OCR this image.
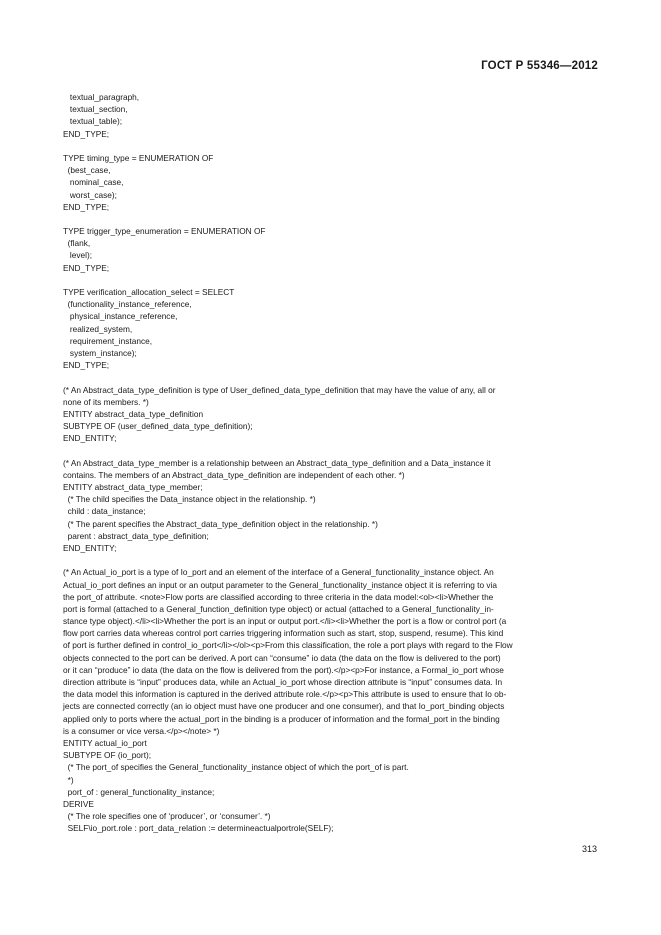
ГОСТ Р 55346—2012
textual_paragraph,
textual_section,
textual_table);
END_TYPE;
TYPE timing_type = ENUMERATION OF
(best_case,
nominal_case,
worst_case);
END_TYPE;
TYPE trigger_type_enumeration = ENUMERATION OF
(flank,
level);
END_TYPE;
TYPE verification_allocation_select = SELECT
(functionality_instance_reference,
physical_instance_reference,
realized_system,
requirement_instance,
system_instance);
END_TYPE;
(* An Abstract_data_type_definition is type of User_defined_data_type_definition that may have the value of any, all or
none of its members. *)
ENTITY abstract_data_type_definition
SUBTYPE OF (user_defined_data_type_definition);
END_ENTITY;
(* An Abstract_data_type_member is a relationship between an Abstract_data_type_definition and a Data_instance it
contains. The members of an Abstract_data_type_definition are independent of each other. *)
ENTITY abstract_data_type_member;
(* The child specifies the Data_instance object in the relationship. *)
child : data_instance;
(* The parent specifies the Abstract_data_type_definition object in the relationship. *)
parent : abstract_data_type_definition;
END_ENTITY;
(* An Actual_io_port is a type of Io_port and an element of the interface of a General_functionality_instance object. An
Actual_io_port defines an input or an output parameter to the General_functionality_instance object it is referring to via
the port_of attribute. <note>Flow ports are classified according to three criteria in the data model:<ol><li>Whether the
port is formal (attached to a General_function_definition type object) or actual (attached to a General_functionality_in-
stance type object).</li><li>Whether the port is an input or output port.</li><li>Whether the port is a flow or control port (a
flow port carries data whereas control port carries triggering information such as start, stop, suspend, resume). This kind
of port is further defined in control_io_port</li></ol><p>From this classification, the role a port plays with regard to the Flow
objects connected to the port can be derived. A port can “consume” io data (the data on the flow is delivered to the port)
or it can “produce” io data (the data on the flow is delivered from the port).</p><p>For instance, a Formal_io_port whose
direction attribute is “input” produces data, while an Actual_io_port whose direction attribute is “input” consumes data. In
the data model this information is captured in the derived attribute role.</p><p>This attribute is used to ensure that Io ob-
jects are connected correctly (an io object must have one producer and one consumer), and that Io_port_binding objects
applied only to ports where the actual_port in the binding is a producer of information and the formal_port in the binding
is a consumer or vice versa.</p></note> *)
ENTITY actual_io_port
SUBTYPE OF (io_port);
(* The port_of specifies the General_functionality_instance object of which the port_of is part.
*)
port_of : general_functionality_instance;
DERIVE
(* The role specifies one of ‘producer’, or ‘consumer’. *)
SELF\io_port.role : port_data_relation := determineactualportrole(SELF);
313
